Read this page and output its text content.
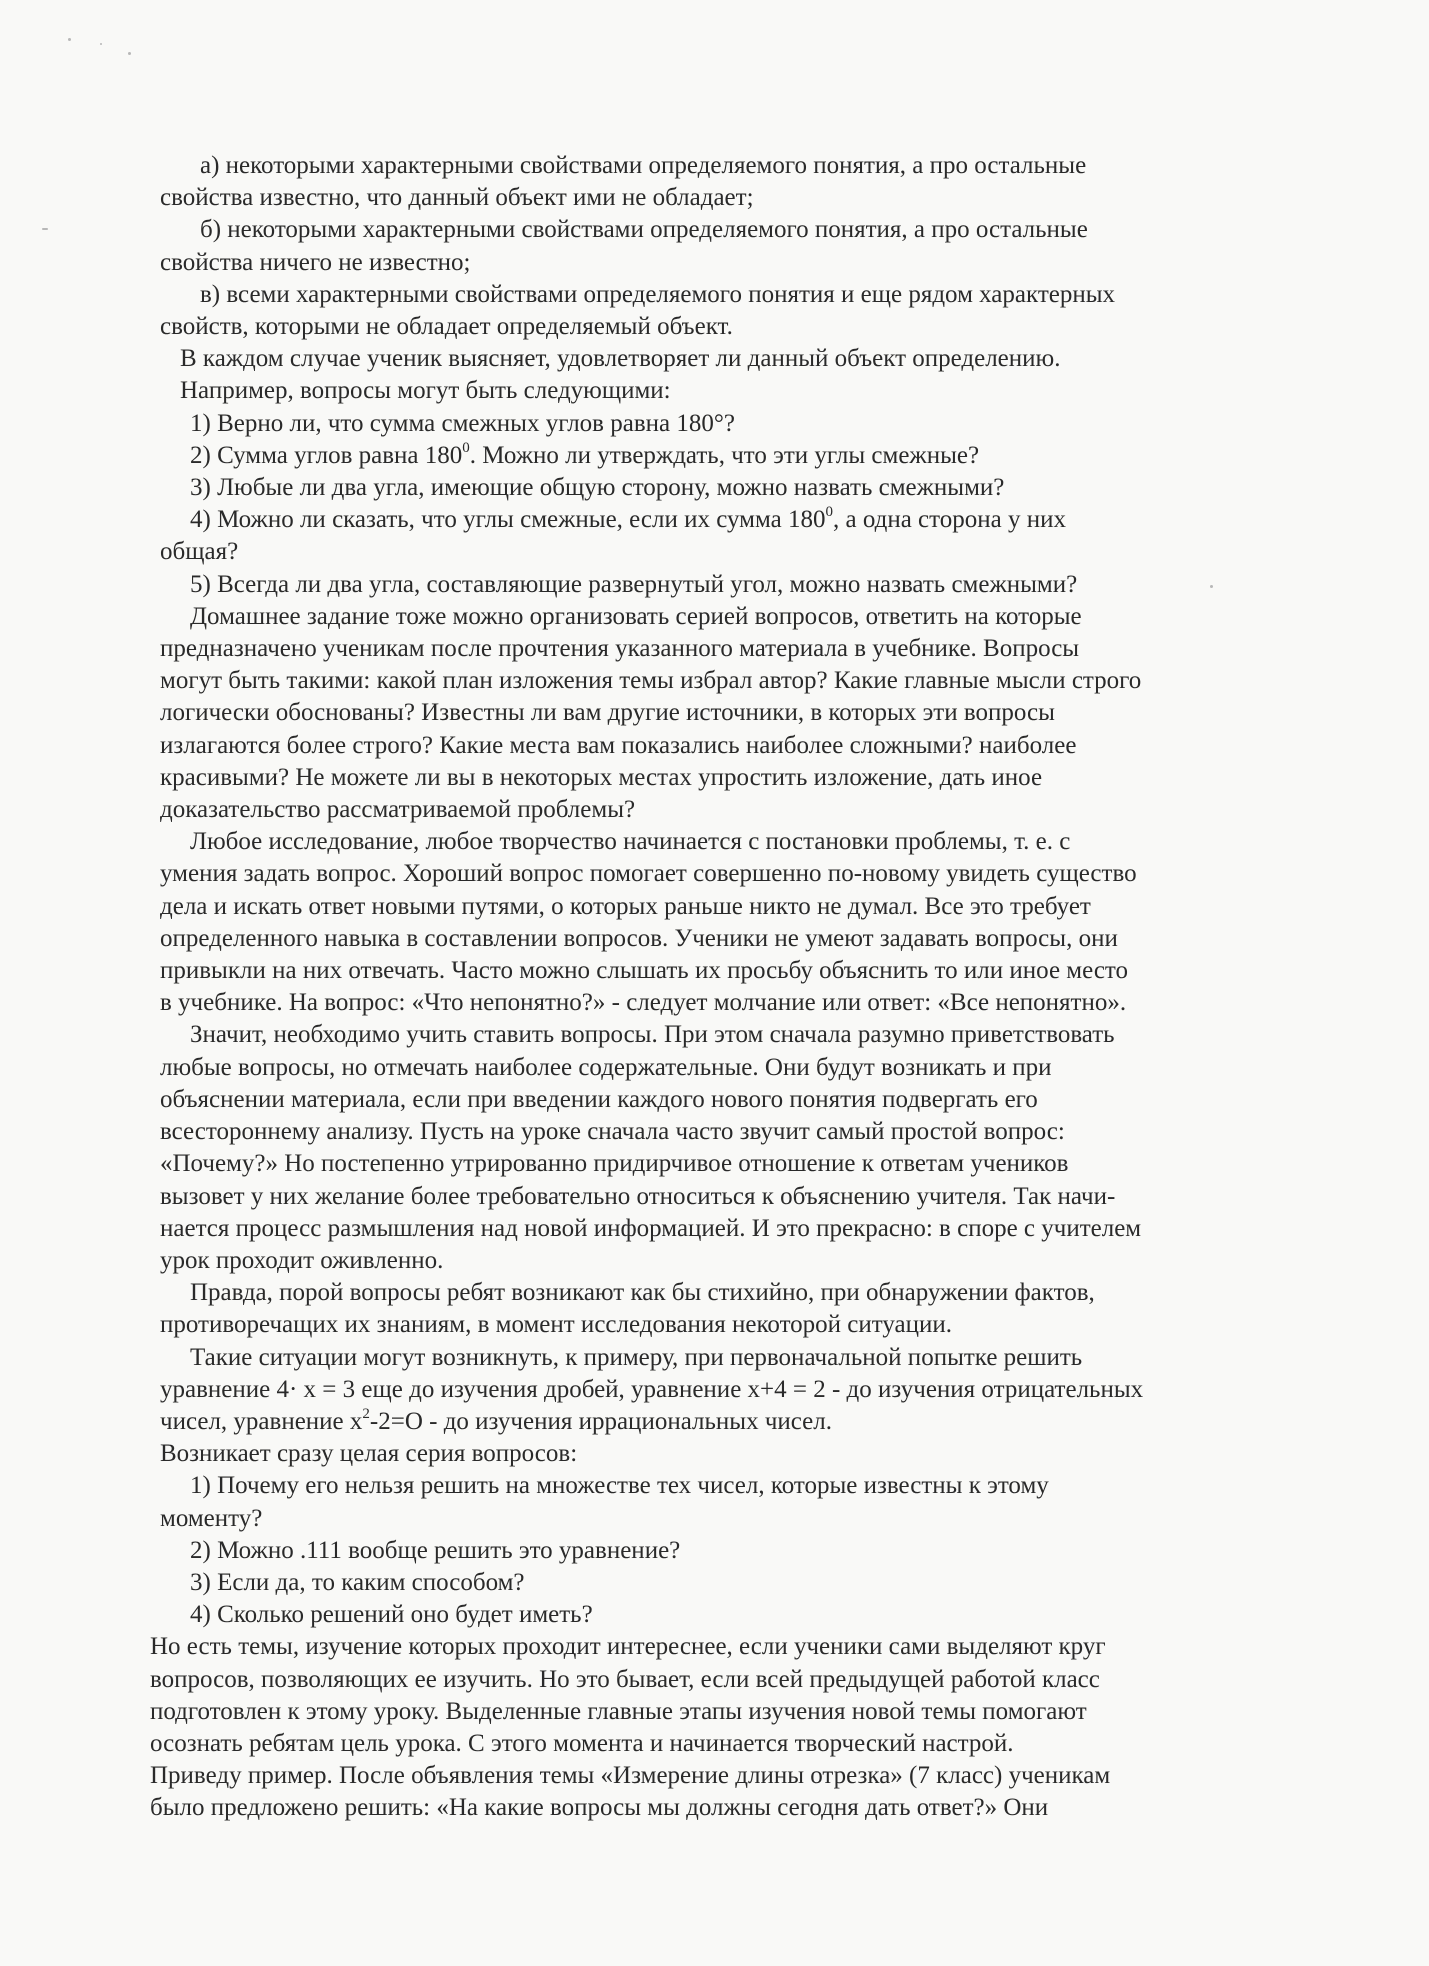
а) некоторыми характерными свойствами определяемого понятия, а про остальные

свойства известно, что данный объект ими не обладает;

б) некоторыми характерными свойствами определяемого понятия, а про остальные

свойства ничего не известно;

в) всеми характерными свойствами определяемого понятия и еще рядом характерных

свойств, которыми не обладает определяемый объект.

В каждом случае ученик выясняет, удовлетворяет ли данный объект определению.

Например, вопросы могут быть следующими:

1) Верно ли, что сумма смежных углов равна 180°?

2) Сумма углов равна $180^0$. Можно ли утверждать, что эти углы смежные?

3) Любые ли два угла, имеющие общую сторону, можно назвать смежными?

4) Можно ли сказать, что углы смежные, если их сумма $180^0$, а одна сторона у них

общая?

5) Всегда ли два угла, составляющие развернутый угол, можно назвать смежными?

Домашнее задание тоже можно организовать серией вопросов, ответить на которые

предназначено ученикам после прочтения указанного материала в учебнике. Вопросы

могут быть такими: какой план изложения темы избрал автор? Какие главные мысли строго

логически обоснованы? Известны ли вам другие источники, в которых эти вопросы

излагаются более строго? Какие места вам показались наиболее сложными? наиболее

красивыми? Не можете ли вы в некоторых местах упростить изложение, дать иное

доказательство рассматриваемой проблемы?

Любое исследование, любое творчество начинается с постановки проблемы, т. е. с

умения задать вопрос. Хороший вопрос помогает совершенно по-новому увидеть существо

дела и искать ответ новыми путями, о которых раньше никто не думал. Все это требует

определенного навыка в составлении вопросов. Ученики не умеют задавать вопросы, они

привыкли на них отвечать. Часто можно слышать их просьбу объяснить то или иное место

в учебнике. На вопрос: «Что непонятно?» - следует молчание или ответ: «Все непонятно».

Значит, необходимо учить ставить вопросы. При этом сначала разумно приветствовать

любые вопросы, но отмечать наиболее содержательные. Они будут возникать и при

объяснении материала, если при введении каждого нового понятия подвергать его

всестороннему анализу. Пусть на уроке сначала часто звучит самый простой вопрос:

«Почему?» Но постепенно утрированно придирчивое отношение к ответам учеников

вызовет у них желание более требовательно относиться к объяснению учителя. Так начи-

нается процесс размышления над новой информацией. И это прекрасно: в споре с учителем

урок проходит оживленно.

Правда, порой вопросы ребят возникают как бы стихийно, при обнаружении фактов,

противоречащих их знаниям, в момент исследования некоторой ситуации.

Такие ситуации могут возникнуть, к примеру, при первоначальной попытке решить

уравнение 4· x = 3 еще до изучения дробей, уравнение x+4 = 2 - до изучения отрицательных

чисел, уравнение $x^2-2=O$ - до изучения иррациональных чисел.

Возникает сразу целая серия вопросов:

1) Почему его нельзя решить на множестве тех чисел, которые известны к этому

моменту?

2) Можно .111 вообще решить это уравнение?

3) Если да, то каким способом?

4) Сколько решений оно будет иметь?

Но есть темы, изучение которых проходит интереснее, если ученики сами выделяют круг

вопросов, позволяющих ее изучить. Но это бывает, если всей предыдущей работой класс

подготовлен к этому уроку. Выделенные главные этапы изучения новой темы помогают

осознать ребятам цель урока. С этого момента и начинается творческий настрой.

Приведу пример. После объявления темы «Измерение длины отрезка» (7 класс) ученикам

было предложено решить: «На какие вопросы мы должны сегодня дать ответ?» Они
